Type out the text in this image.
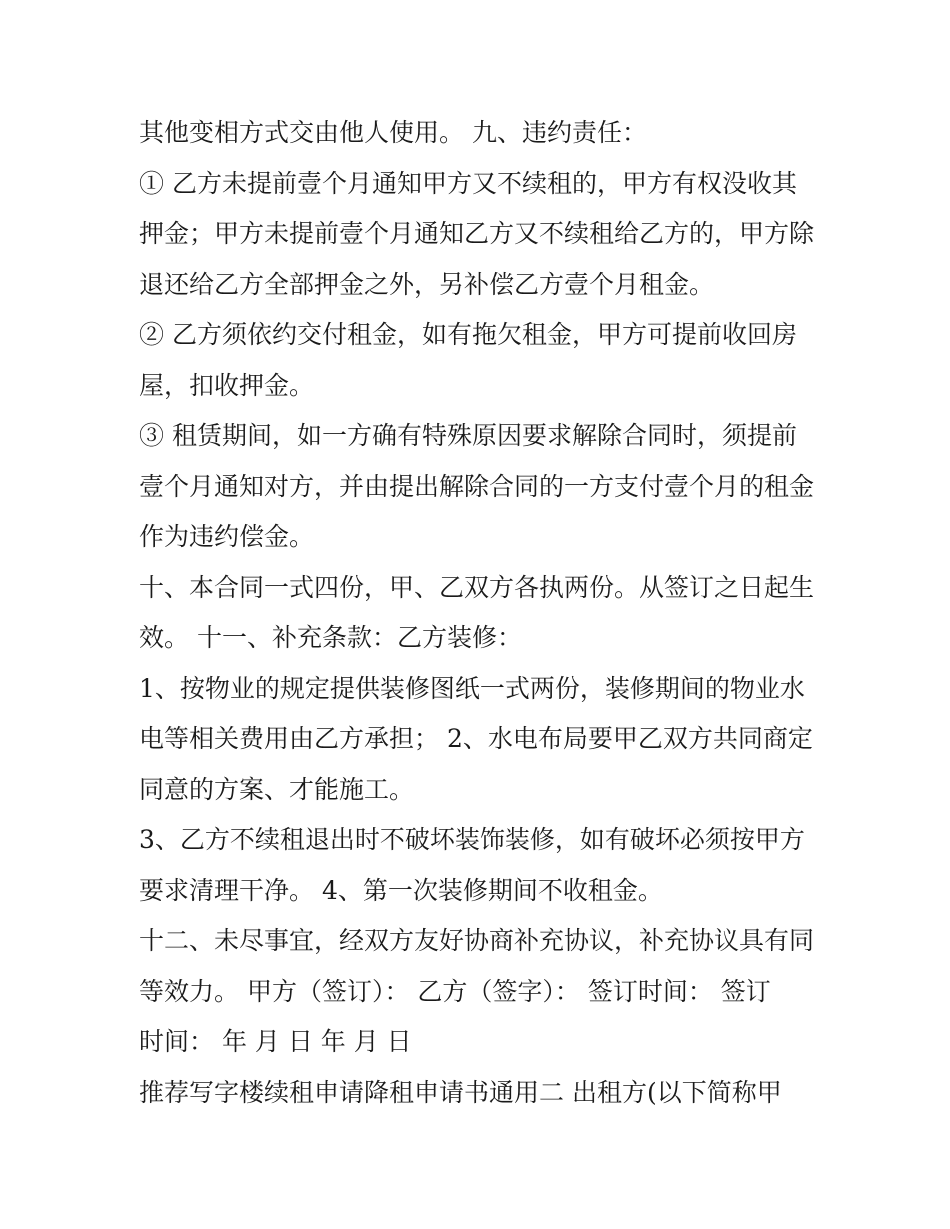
其他变相方式交由他人使用。 九、违约责任：
① 乙方未提前壹个月通知甲方又不续租的，甲方有权没收其
押金；甲方未提前壹个月通知乙方又不续租给乙方的，甲方除
退还给乙方全部押金之外，另补偿乙方壹个月租金。
② 乙方须依约交付租金，如有拖欠租金，甲方可提前收回房
屋，扣收押金。
③ 租赁期间，如一方确有特殊原因要求解除合同时，须提前
壹个月通知对方，并由提出解除合同的一方支付壹个月的租金
作为违约偿金。
十、本合同一式四份，甲、乙双方各执两份。从签订之日起生
效。 十一、补充条款：乙方装修：
1、按物业的规定提供装修图纸一式两份，装修期间的物业水
电等相关费用由乙方承担； 2、水电布局要甲乙双方共同商定
同意的方案、才能施工。
3、乙方不续租退出时不破坏装饰装修，如有破坏必须按甲方
要求清理干净。 4、第一次装修期间不收租金。
十二、未尽事宜，经双方友好协商补充协议，补充协议具有同
等效力。 甲方（签订）： 乙方（签字）： 签订时间： 签订
时间： 年 月 日 年 月 日
推荐写字楼续租申请降租申请书通用二 出租方(以下简称甲
